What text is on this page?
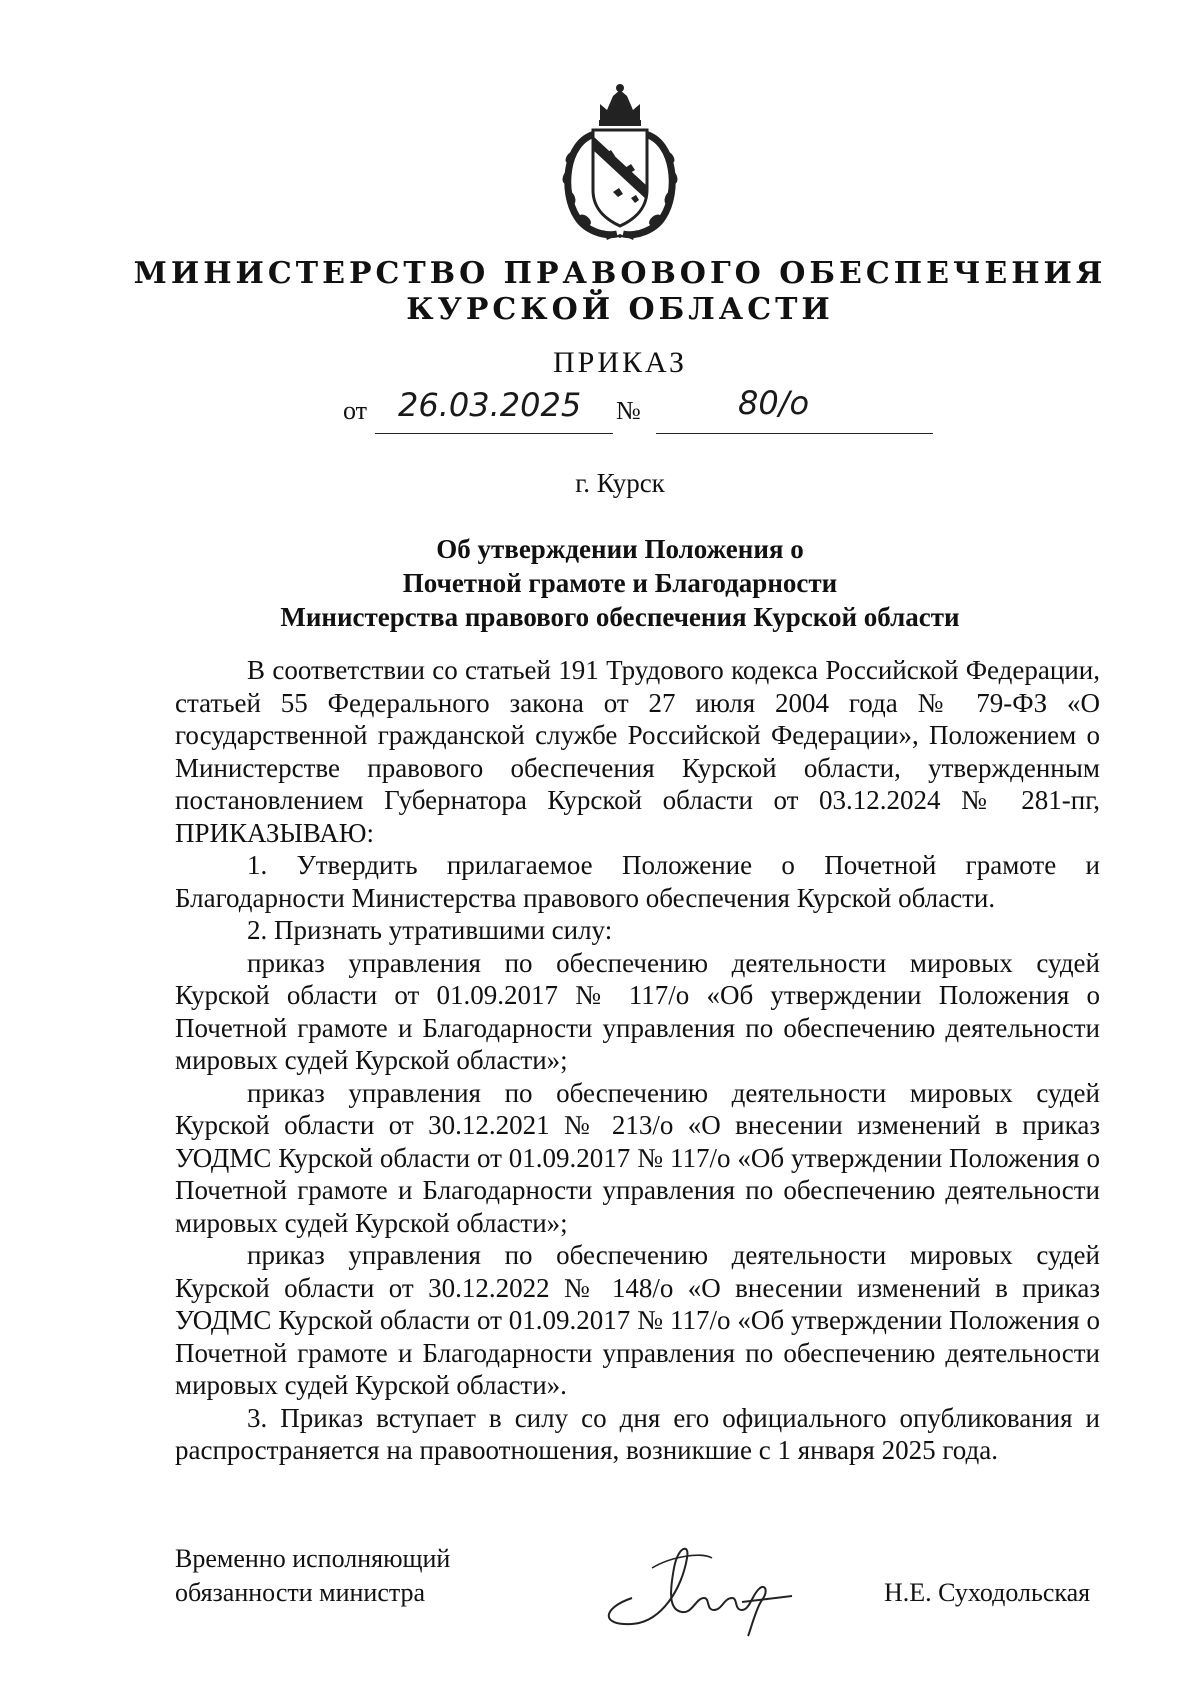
МИНИСТЕРСТВО ПРАВОВОГО ОБЕСПЕЧЕНИЯ
КУРСКОЙ ОБЛАСТИ
ПРИКАЗ
от 26.03.2025 №	80/о
г. Курск
Об утверждении Положения о
Почетной грамоте и Благодарности
Министерства правового обеспечения Курской области

В соответствии со статьей 191 Трудового кодекса Российской Федерации, статьей 55 Федерального закона от 27 июля 2004 года № 79-ФЗ «О государственной гражданской службе Российской Федерации», Положением о Министерстве правового обеспечения Курской области, утвержденным постановлением Губернатора Курской области от 03.12.2024 № 281-пг, ПРИКАЗЫВАЮ:

1. Утвердить прилагаемое Положение о Почетной грамоте и Благодарности Министерства правового обеспечения Курской области.

2. Признать утратившими силу:

приказ управления по обеспечению деятельности мировых судей Курской области от 01.09.2017 № 117/о «Об утверждении Положения о Почетной грамоте и Благодарности управления по обеспечению деятельности мировых судей Курской области»;

приказ управления по обеспечению деятельности мировых судей Курской области от 30.12.2021 № 213/о «О внесении изменений в приказ УОДМС Курской области от 01.09.2017 № 117/о «Об утверждении Положения о Почетной грамоте и Благодарности управления по обеспечению деятельности мировых судей Курской области»;

приказ управления по обеспечению деятельности мировых судей Курской области от 30.12.2022 № 148/о «О внесении изменений в приказ УОДМС Курской области от 01.09.2017 № 117/о «Об утверждении Положения о Почетной грамоте и Благодарности управления по обеспечению деятельности мировых судей Курской области».

3. Приказ вступает в силу со дня его официального опубликования и распространяется на правоотношения, возникшие с 1 января 2025 года.

Временно исполняющий
обязанности министра	Н.Е. Суходольская
